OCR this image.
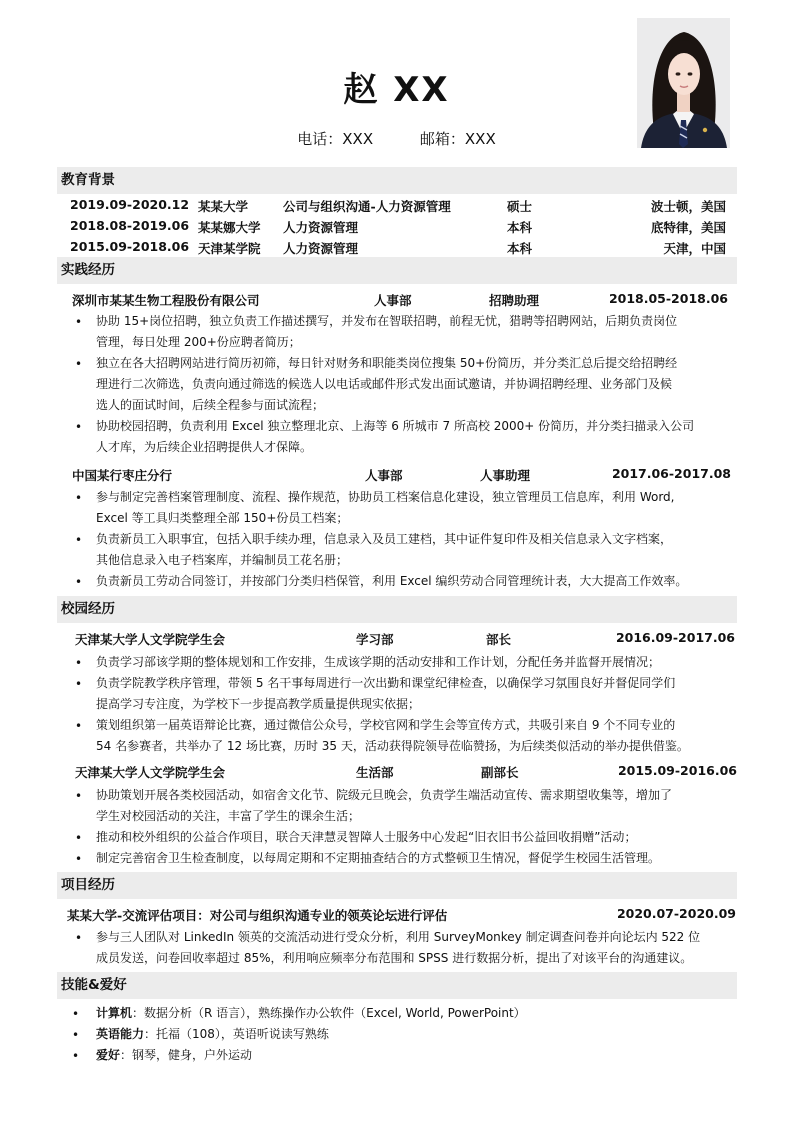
赵 XX
电话：XXX	邮箱：XXX
教育背景
2019.09-2020.12 某某大学	公司与组织沟通-人力资源管理	硕士	波士顿，美国
2018.08-2019.06 某某娜大学 人力资源管理	本科	底特律，美国
2015.09-2018.06 天津某学院 人力资源管理	本科	天津，中国
实践经历
深圳市某某生物工程股份有限公司	人事部	招聘助理	2018.05-2018.06
• 协助 15+岗位招聘，独立负责工作描述撰写，并发布在智联招聘，前程无忧，猎聘等招聘网站，后期负责岗位
管理，每日处理 200+份应聘者简历；
• 独立在各大招聘网站进行简历初筛，每日针对财务和职能类岗位搜集 50+份简历，并分类汇总后提交给招聘经
理进行二次筛选，负责向通过筛选的候选人以电话或邮件形式发出面试邀请，并协调招聘经理、业务部门及候
选人的面试时间，后续全程参与面试流程；
• 协助校园招聘，负责利用 Excel 独立整理北京、上海等 6 所城市 7 所高校 2000+ 份简历，并分类扫描录入公司
人才库，为后续企业招聘提供人才保障。
中国某行枣庄分行	人事部	人事助理	2017.06-2017.08
• 参与制定完善档案管理制度、流程、操作规范，协助员工档案信息化建设，独立管理员工信息库，利用 Word,
Excel 等工具归类整理全部 150+份员工档案；
• 负责新员工入职事宜，包括入职手续办理，信息录入及员工建档，其中证件复印件及相关信息录入文字档案，
其他信息录入电子档案库，并编制员工花名册；
• 负责新员工劳动合同签订，并按部门分类归档保管，利用 Excel 编织劳动合同管理统计表，大大提高工作效率。
校园经历
天津某大学人文学院学生会	学习部	部长	2016.09-2017.06
• 负责学习部该学期的整体规划和工作安排，生成该学期的活动安排和工作计划，分配任务并监督开展情况；
• 负责学院教学秩序管理，带领 5 名干事每周进行一次出勤和课堂纪律检查，以确保学习氛围良好并督促同学们
提高学习专注度，为学校下一步提高教学质量提供现实依据；
• 策划组织第一届英语辩论比赛，通过微信公众号，学校官网和学生会等宣传方式，共吸引来自 9 个不同专业的
54 名参赛者，共举办了 12 场比赛，历时 35 天，活动获得院领导莅临赞扬，为后续类似活动的举办提供借鉴。
天津某大学人文学院学生会	生活部	副部长	2015.09-2016.06
• 协助策划开展各类校园活动，如宿舍文化节、院级元旦晚会，负责学生端活动宣传、需求期望收集等，增加了
学生对校园活动的关注，丰富了学生的课余生活；
• 推动和校外组织的公益合作项目，联合天津慧灵智障人士服务中心发起“旧衣旧书公益回收捐赠”活动；
• 制定完善宿舍卫生检查制度，以每周定期和不定期抽查结合的方式整顿卫生情况，督促学生校园生活管理。
项目经历
某某大学-交流评估项目：对公司与组织沟通专业的领英论坛进行评估	2020.07-2020.09
• 参与三人团队对 LinkedIn 领英的交流活动进行受众分析，利用 SurveyMonkey 制定调查问卷并向论坛内 522 位
成员发送，问卷回收率超过 85%，利用响应频率分布范围和 SPSS 进行数据分析，提出了对该平台的沟通建议。
技能&爱好
• 计算机：数据分析（R 语言），熟练操作办公软件（Excel, World, PowerPoint）
• 英语能力：托福（108），英语听说读写熟练
• 爱好：钢琴，健身，户外运动
